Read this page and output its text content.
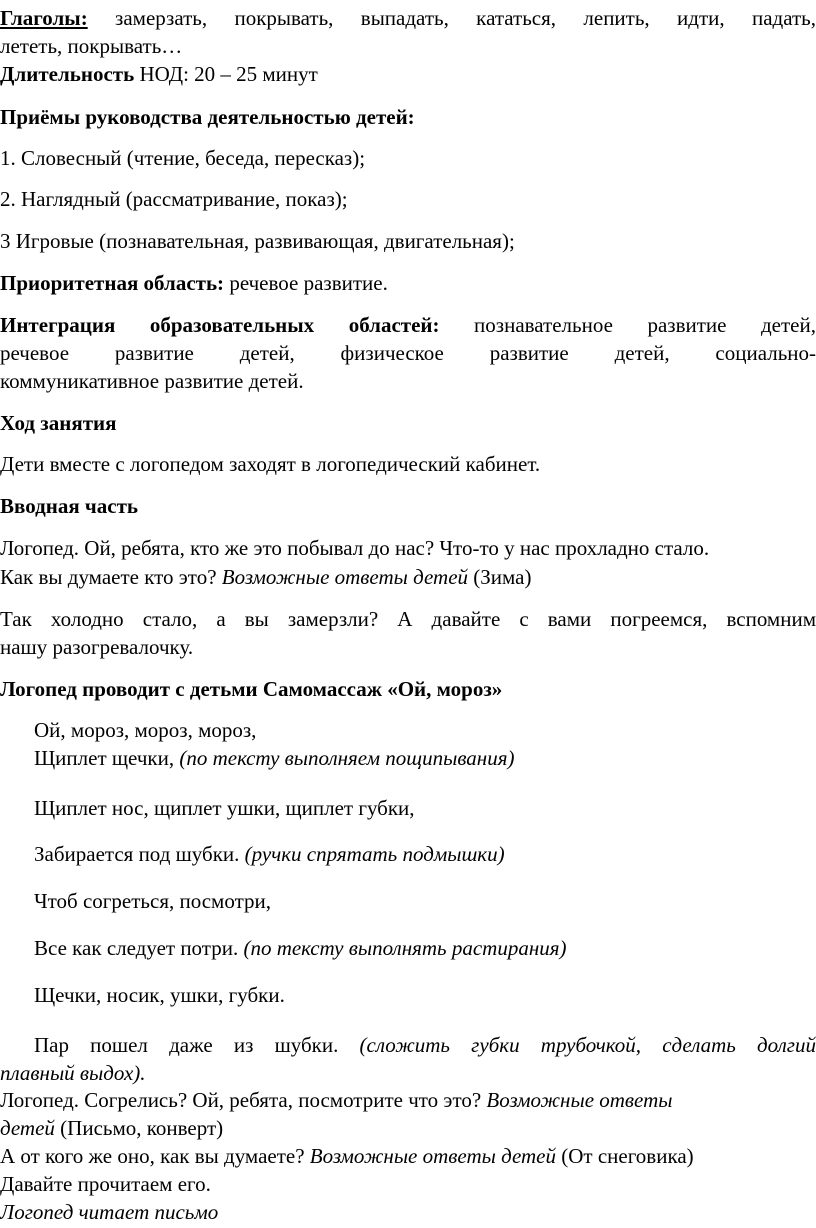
Глаголы: замерзать, покрывать, выпадать, кататься, лепить, идти, падать,

лететь, покрывать…

Длительность НОД: 20 – 25 минут

Приёмы руководства деятельностью детей:

1. Словесный (чтение, беседа, пересказ);

2. Наглядный (рассматривание, показ);

3 Игровые (познавательная, развивающая, двигательная);

Приоритетная область: речевое развитие.

Интеграция образовательных областей: познавательное развитие детей,

речевое развитие детей, физическое развитие детей, социально-

коммуникативное развитие детей.

Ход занятия

Дети вместе с логопедом заходят в логопедический кабинет.

Вводная часть

Логопед. Ой, ребята, кто же это побывал до нас? Что-то у нас прохладно стало.

Как вы думаете кто это? Возможные ответы детей (Зима)

Так холодно стало, а вы замерзли? А давайте с вами погреемся, вспомним

нашу разогревалочку.

Логопед проводит с детьми Самомассаж «Ой, мороз»

Ой, мороз, мороз, мороз,

Щиплет щечки, (по тексту выполняем пощипывания)

Щиплет нос, щиплет ушки, щиплет губки,

Забирается под шубки. (ручки спрятать подмышки)

Чтоб согреться, посмотри,

Все как следует потри. (по тексту выполнять растирания)

Щечки, носик, ушки, губки.

Пар пошел даже из шубки. (сложить губки трубочкой, сделать долгий

плавный выдох).

Логопед. Согрелись? Ой, ребята, посмотрите что это? Возможные ответы

детей (Письмо, конверт)

А от кого же оно, как вы думаете? Возможные ответы детей (От снеговика)

Давайте прочитаем его.

Логопед читает письмо
